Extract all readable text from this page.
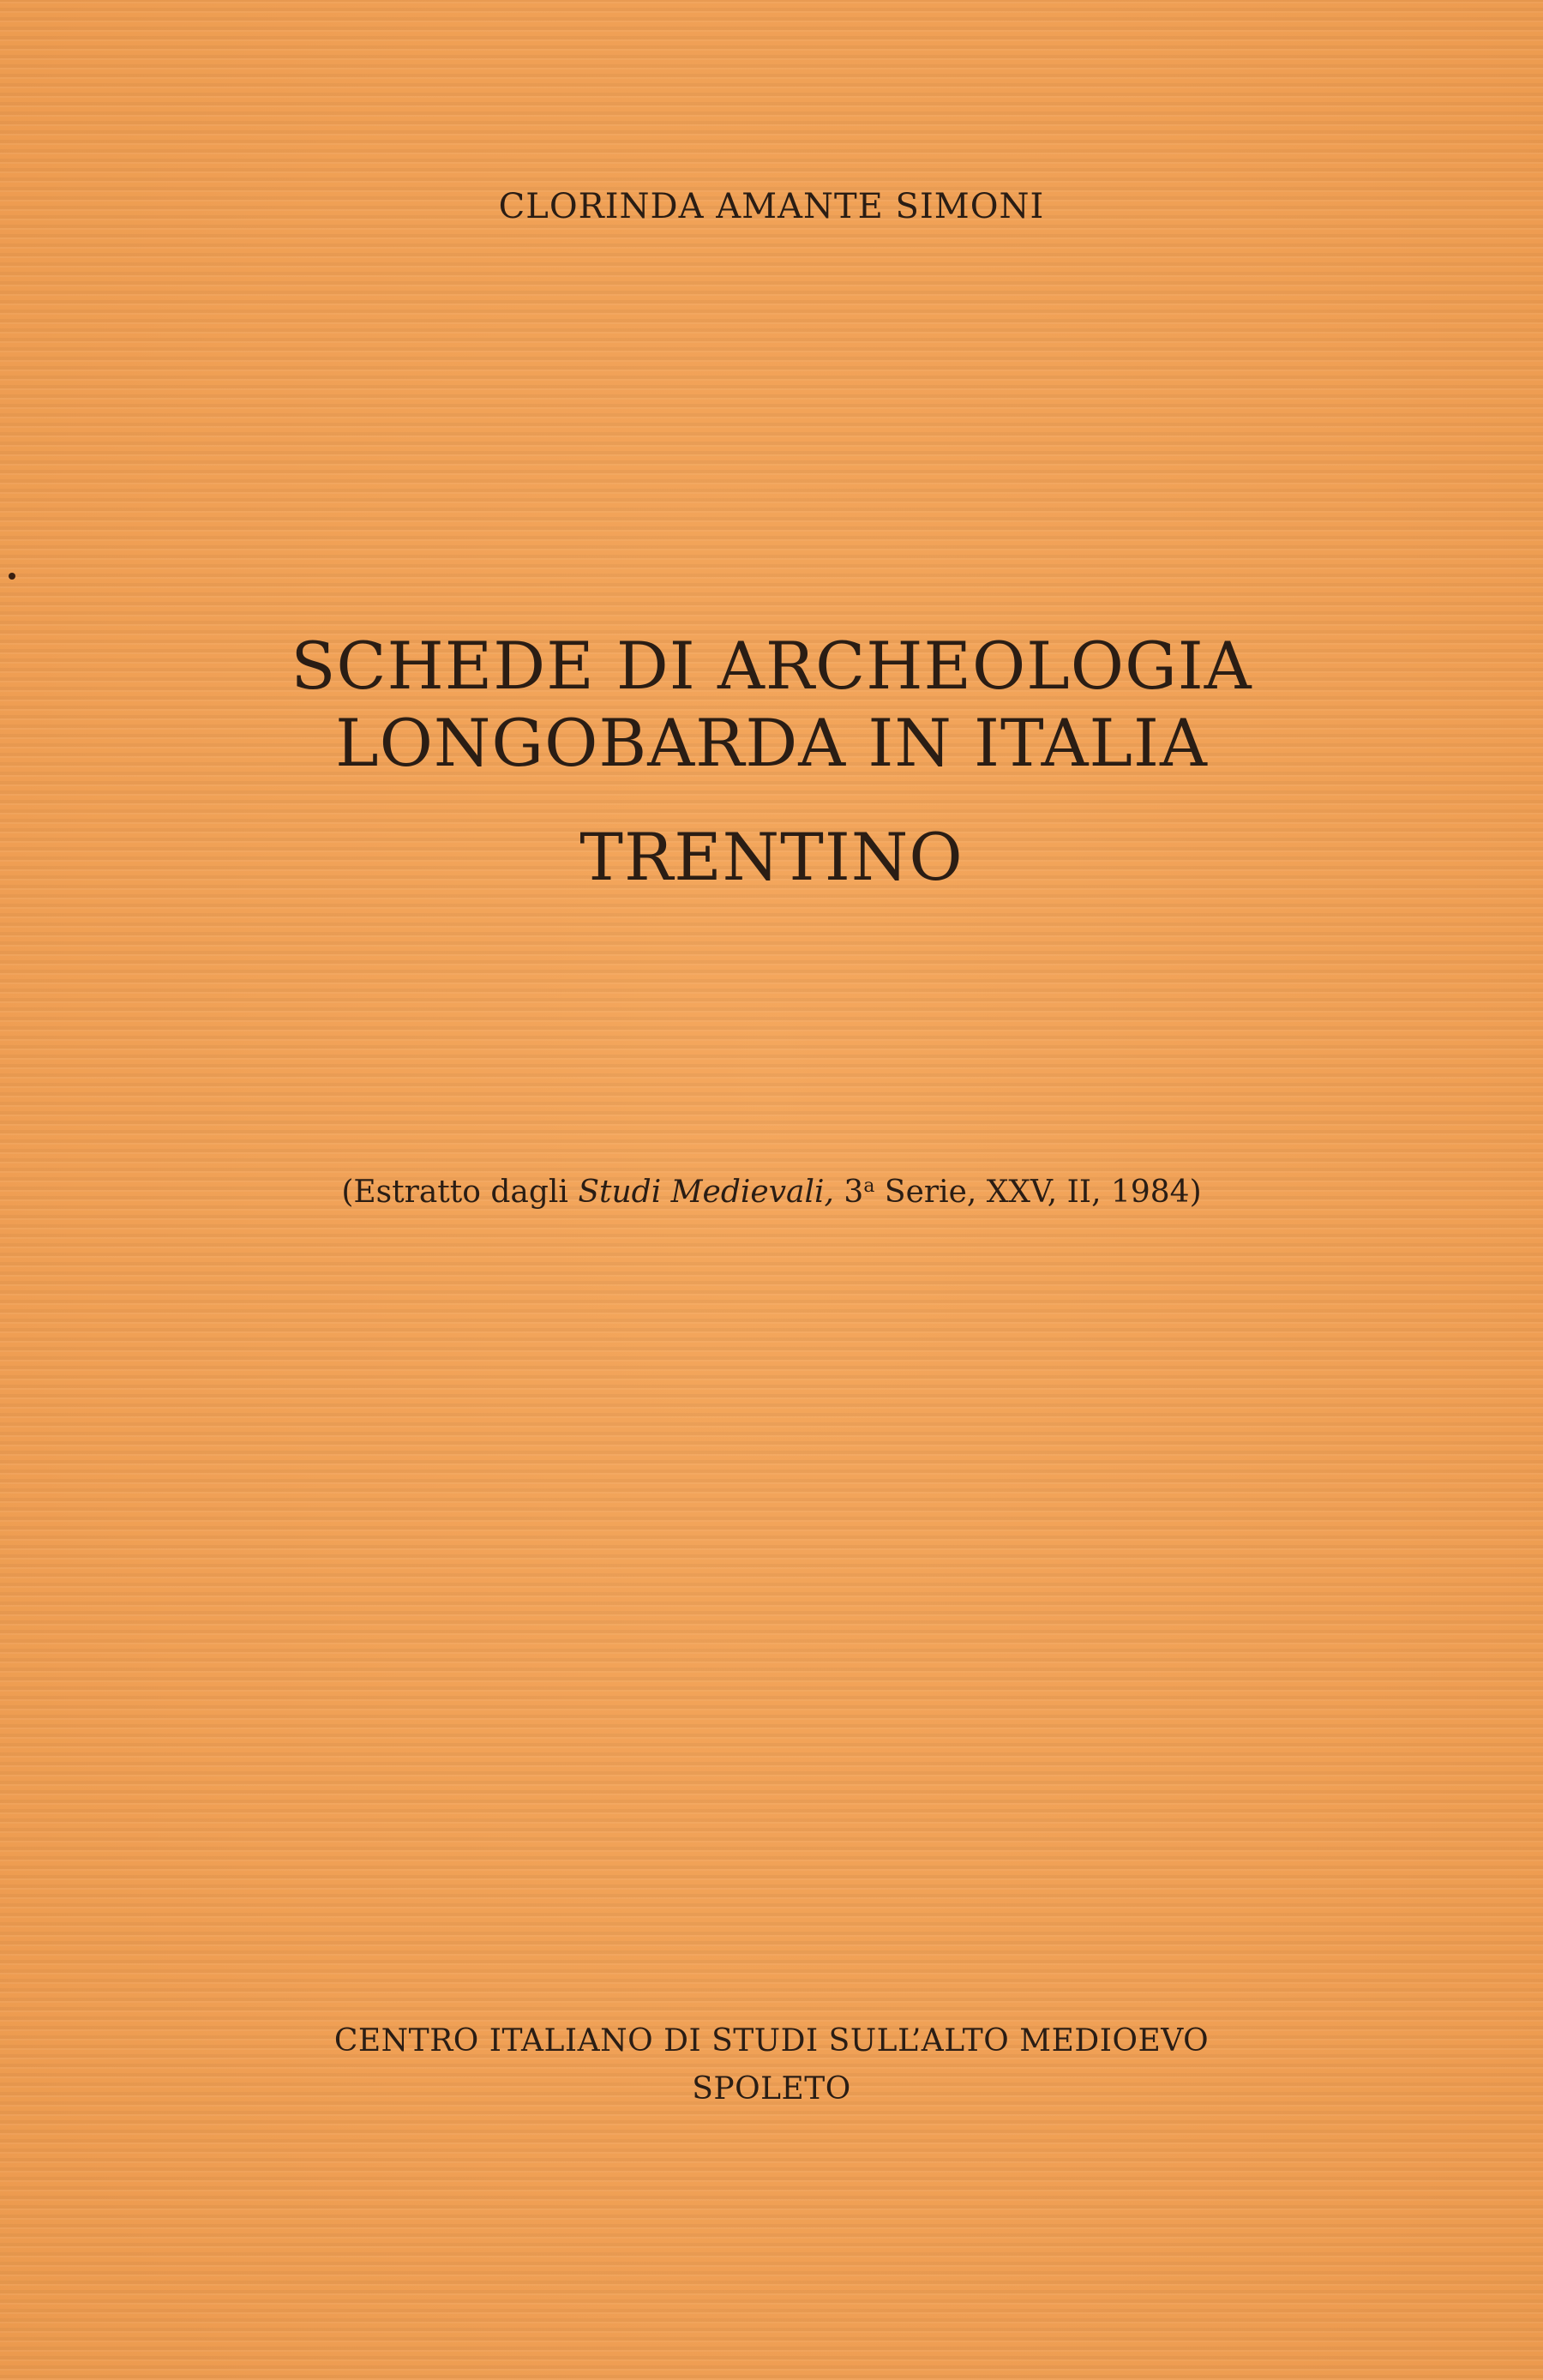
CLORINDA AMANTE SIMONI

SCHEDE DI ARCHEOLOGIA

LONGOBARDA IN ITALIA

TRENTINO

(Estratto dagli Studi Medievali, 3$^a$ Serie, XXV, II, 1984)

CENTRO ITALIANO DI STUDI SULL’ALTO MEDIOEVO

SPOLETO
